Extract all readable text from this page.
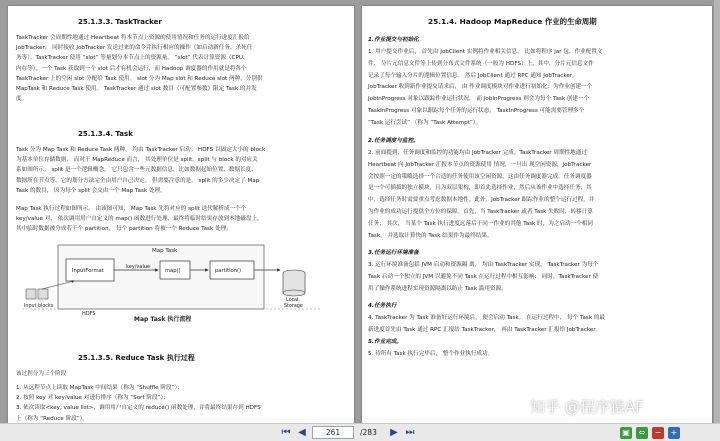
25.1.3.3. TaskTracker
TaskTracker 会周期性地通过 Heartbeat 将本节点上资源的使用情况和任务的运行进度汇报给
JobTracker， 同时接收 JobTracker 发送过来的命令并执行相应的操作（如启动新任务、杀死任
务等）。TaskTracker 使用 “slot” 等量划分本节点上的资源量。 “slot” 代表计算资源（CPU、
内存等）。一个 Task 获取到一个 slot 后才有机会运行，而 Hadoop 调度器的作用就是将各个
TaskTracker 上的空闲 slot 分配给 Task 使用。 slot 分为 Map slot 和 Reduce slot 两种，分别供
MapTask 和 Reduce Task 使用。 TaskTracker 通过 slot 数目（可配置参数）限定 Task 的并发
度。
25.1.3.4. Task
Task 分为 Map Task 和 Reduce Task 两种， 均由 TaskTracker 启动。 HDFS 以固定大小的 block
为基本单位存储数据， 而对于 MapReduce 而言， 其处理单位是 split。split 与 block 的对应关
系如图所示。 split 是一个逻辑概念， 它只包含一些元数据信息，比如数据起始位置、数据长度、
数据所在节点等。它的划分方法完全由用户自己决定。 但需要注意的是， split 的多少决定了 Map
Task 的数目， 因为每个 split 会交由一个 Map Task 处理。
Map Task 执行过程如图所示。 由该图可知， Map Task 先将对应的 split 迭代解析成一个个
key/value 对， 依次调用用户自定义的 map() 函数进行处理，最终将临时结果存放到本地磁盘上，
其中临时数据被分成若干个 partition， 每个 partition 将被一个 Reduce Task 处理。
Map Task
InputFormat
key/value
map()	partition()
Local
Storage
Input blocks
HDFS
Map Task 执行流程
25.1.3.5. Reduce Task 执行过程
该过程分为三个阶段
1. 从远程节点上读取 MapTask 中间结果（称为 “Shuffle 阶段”）；
2. 按照 key 对 key/value 对进行排序（称为 “Sort 阶段”）；
3. 依次读取<key, value list>，调用用户自定义的 reduce() 函数处理，并将最终结果存到 HDFS
上（称为 “Reduce 阶段”）。
25.1.4. Hadoop MapReduce 作业的生命周期
1.作业提交与初始化
1. 用户提交作业后， 首先由 JobClient 实例将作业相关信息， 比如将程序 jar 包、作业配置文
件、 分片元信息文件等上传到分布式文件系统（一般为 HDFS）上，其中，分片元信息文件
记录了每个输入分片的逻辑位置信息。 然后 JobClient 通过 RPC 通知 JobTracker。
JobTracker 收到新作业提交请求后， 由 作业调度模块对作业进行初始化：为作业创建一个
JobInProgress 对象以跟踪作业运行状况， 而 JobInProgress 则会为每个 Task 创建一个
TaskInProgress 对象以跟踪每个任务的运行状态， TaskInProgress 可能需要管理多个
“Task 运行尝试” （称为 “Task Attempt”）。
2.任务调度与监控。
2. 前面提到，任务调度和监控的功能均由 JobTracker 完成。TaskTracker 周期性地通过
Heartbeat 向 JobTracker 汇报本节点的资源使用 情况，一旦出 现空闲资源，JobTracker
会按照一定的策略选择一个合适的任务使用该空闲资源，这由任务调度器完成。任务调度器
是一个可插拔的独立模块，且为双层架构，即首先选择作业，然后从该作业中选择任务，其
中，选择任务时需要重点考虑数据本地性。此外，JobTracker 跟踪作业的整个运行过程，并
为作业的成功运行提供全方位的保障。首先，当 TaskTracker 或者 Task 失败时，转移计算
任务； 其次， 当某个 Task 执行进度远落后于同一作业的其他 Task 时，为之启动一个相同
Task， 并选取计算快的 Task 结果作为最终结果。
3.任务运行环境准备
3. 运行环境准备包括 JVM 启动和资源隔 离， 均由 TaskTracker 实现。 TaskTracker 为每个
Task 启动一个独立的 JVM 以避免不同 Task 在运行过程中相互影响； 同时，TaskTracker 使
用了操作系统进程实现资源隔离以防止 Task 滥用资源。
4.任务执行
4. TaskTracker 为 Task 准备好运行环境后， 便会启动 Task。 在运行过程中， 每个 Task 的最
新进度首先由 Task 通过 RPC 汇报给 TaskTracker， 再由 TaskTracker 汇报给 JobTracker。
5.作业完成。
5. 待所有 Task 执行完毕后， 整个作业执行成功。
知乎 @程序猿AF
⏮ ◀
261	/283 ▶ ⏭	▣	⇔	−	+
